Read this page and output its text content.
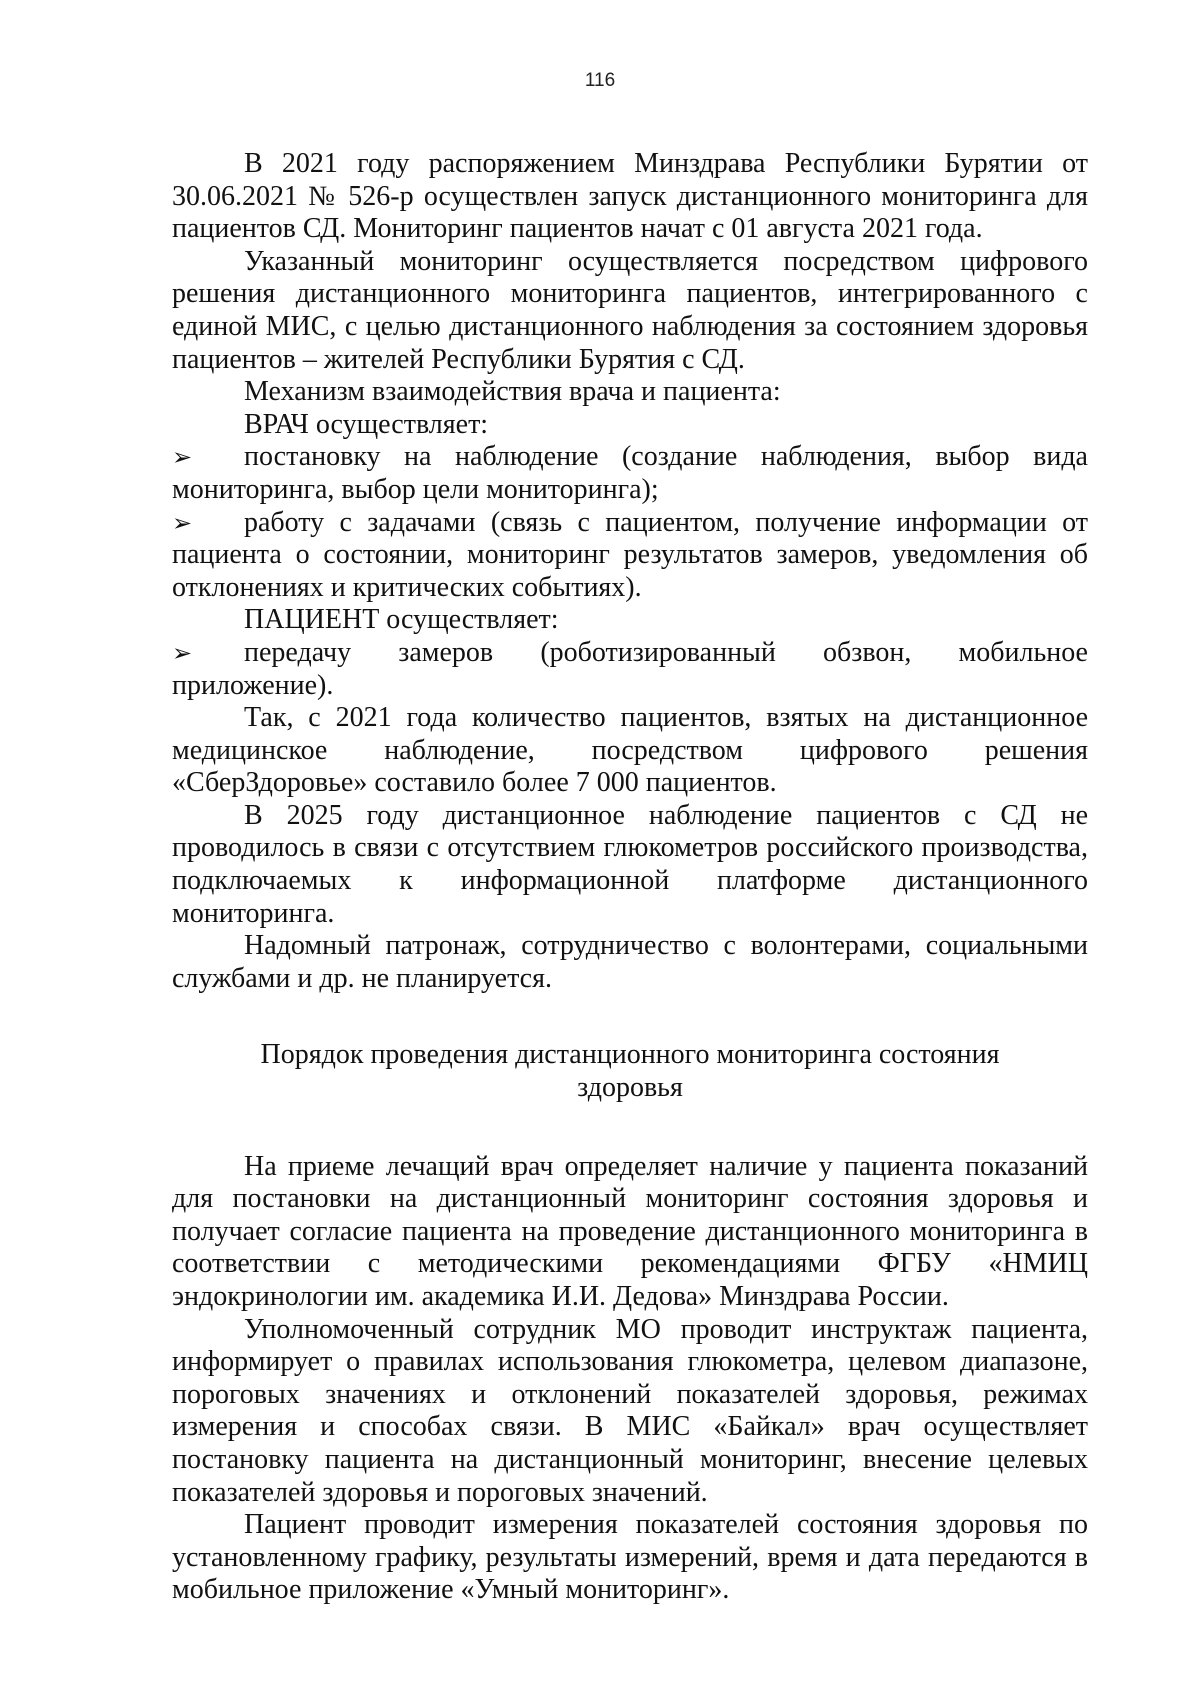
116

В 2021 году распоряжением Минздрава Республики Бурятии от 30.06.2021 № 526-р осуществлен запуск дистанционного мониторинга для пациентов СД. Мониторинг пациентов начат с 01 августа 2021 года.

Указанный мониторинг осуществляется посредством цифрового решения дистанционного мониторинга пациентов, интегрированного с единой МИС, с целью дистанционного наблюдения за состоянием здоровья пациентов – жителей Республики Бурятия с СД.

Механизм взаимодействия врача и пациента:

ВРАЧ осуществляет:

➢ постановку на наблюдение (создание наблюдения, выбор вида мониторинга, выбор цели мониторинга);

➢ работу с задачами (связь с пациентом, получение информации от пациента о состоянии, мониторинг результатов замеров, уведомления об отклонениях и критических событиях).

ПАЦИЕНТ осуществляет:

➢ передачу замеров (роботизированный обзвон, мобильное приложение).

Так, с 2021 года количество пациентов, взятых на дистанционное медицинское наблюдение, посредством цифрового решения «СберЗдоровье» составило более 7 000 пациентов.

В 2025 году дистанционное наблюдение пациентов с СД не проводилось в связи с отсутствием глюкометров российского производства, подключаемых к информационной платформе дистанционного мониторинга.

Надомный патронаж, сотрудничество с волонтерами, социальными службами и др. не планируется.

Порядок проведения дистанционного мониторинга состояния
здоровья

На приеме лечащий врач определяет наличие у пациента показаний для постановки на дистанционный мониторинг состояния здоровья и получает согласие пациента на проведение дистанционного мониторинга в соответствии с методическими рекомендациями ФГБУ «НМИЦ эндокринологии им. академика И.И. Дедова» Минздрава России.

Уполномоченный сотрудник МО проводит инструктаж пациента, информирует о правилах использования глюкометра, целевом диапазоне, пороговых значениях и отклонений показателей здоровья, режимах измерения и способах связи. В МИС «Байкал» врач осуществляет постановку пациента на дистанционный мониторинг, внесение целевых показателей здоровья и пороговых значений.

Пациент проводит измерения показателей состояния здоровья по установленному графику, результаты измерений, время и дата передаются в мобильное приложение «Умный мониторинг».
